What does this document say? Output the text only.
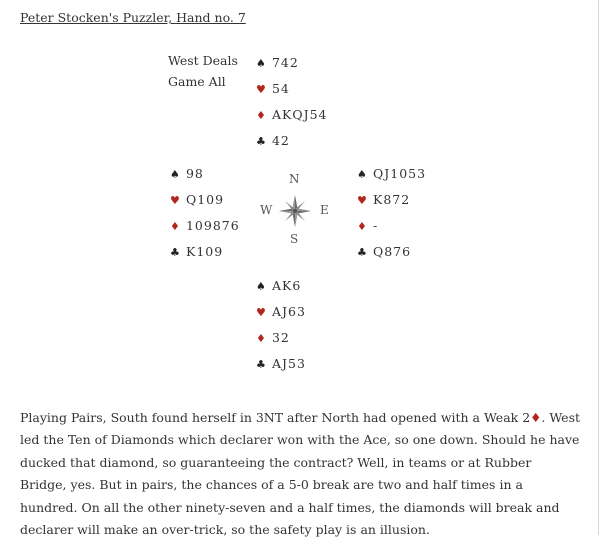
Peter Stocken's Puzzler, Hand no. 7
West Deals
Game All
♠ 742
♥ 54
♦ AKQJ54
♣ 42
♠ 98
♥ Q109
♦ 109876
♣ K109
N
W	E
S
♠ QJ1053
♥ K872
♦ -
♣ Q876
♠ AK6
♥ AJ63
♦ 32
♣ AJ53

Playing Pairs, South found herself in 3NT after North had opened with a Weak 2♦. West led the Ten of Diamonds which declarer won with the Ace, so one down. Should he have ducked that diamond, so guaranteeing the contract? Well, in teams or at Rubber Bridge, yes. But in pairs, the chances of a 5-0 break are two and half times in a hundred. On all the other ninety-seven and a half times, the diamonds will break and declarer will make an over-trick, so the safety play is an illusion.
